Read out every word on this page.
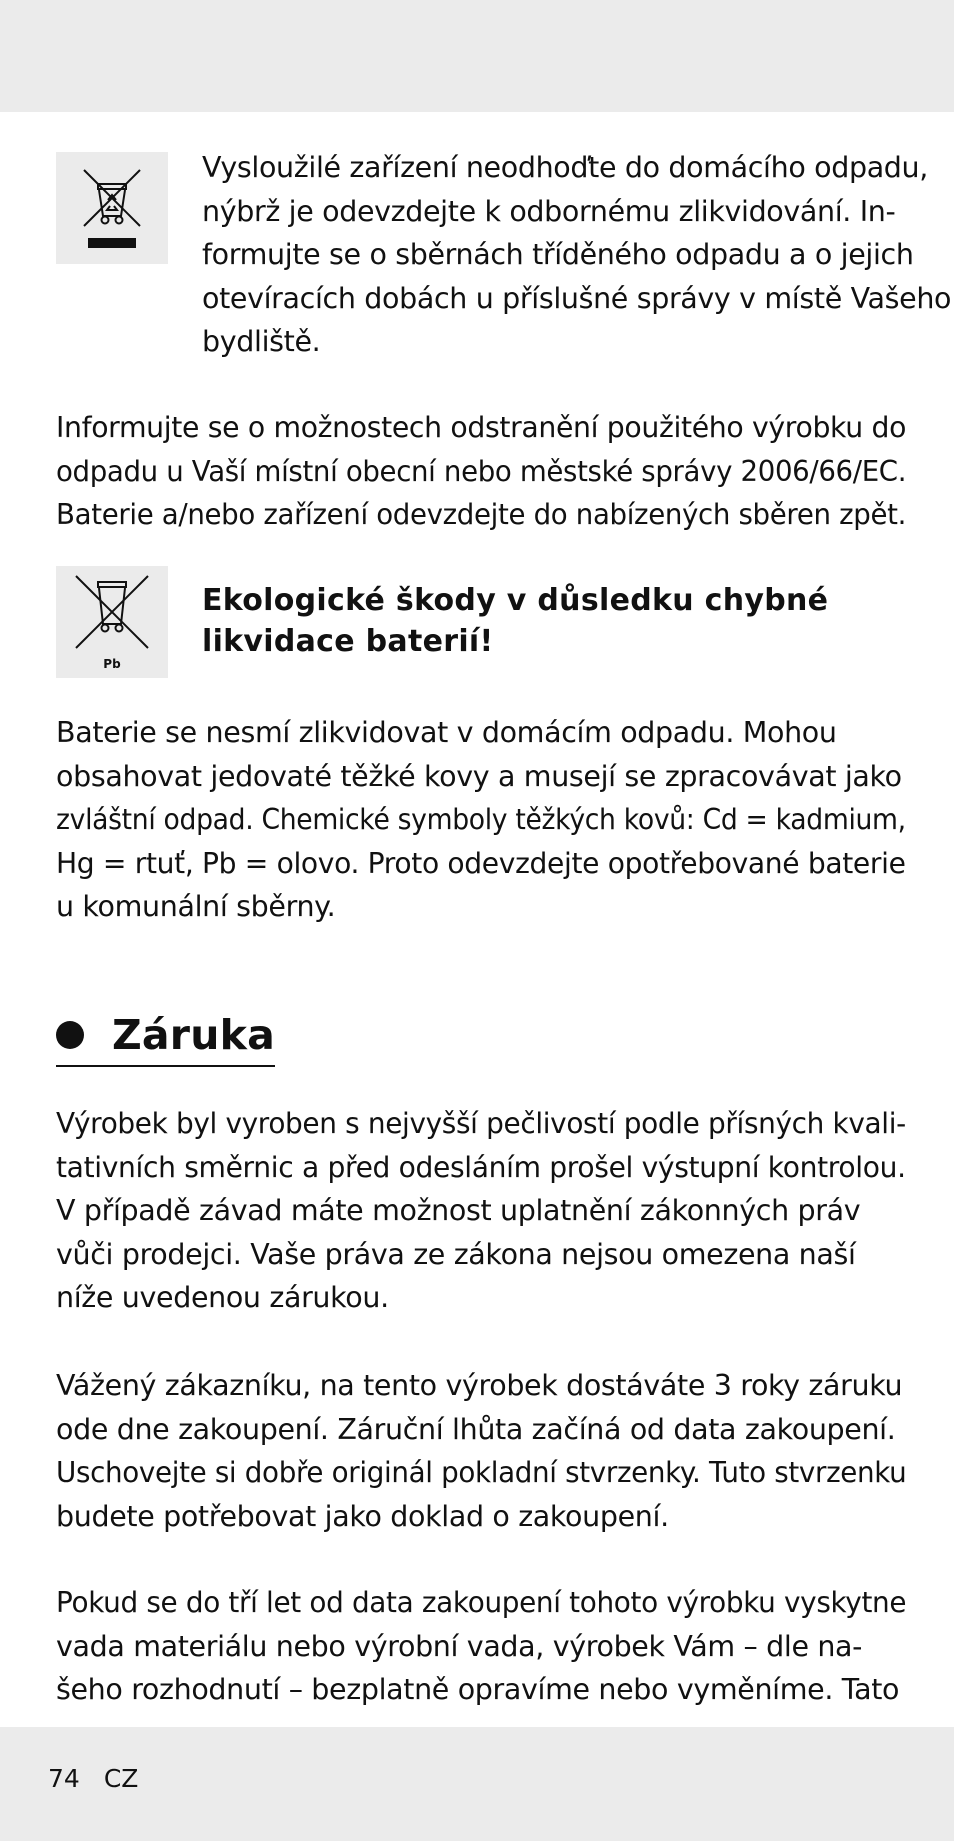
Vysloužilé zařízení neodhoďte do domácího odpadu,
nýbrž je odevzdejte k odbornému zlikvidování. In-
formujte se o sběrnách tříděného odpadu a o jejich
otevíracích dobách u příslušné správy v místě Vašeho
bydliště.

Informujte se o možnostech odstranění použitého výrobku do
odpadu u Vaší místní obecní nebo městské správy 2006/66/EC.
Baterie a/nebo zařízení odevzdejte do nabízených sběren zpět.

Pb
Ekologické škody v důsledku chybné
likvidace baterií!

Baterie se nesmí zlikvidovat v domácím odpadu. Mohou
obsahovat jedovaté těžké kovy a musejí se zpracovávat jako
zvláštní odpad. Chemické symboly těžkých kovů: Cd = kadmium,
Hg = rtuť, Pb = olovo. Proto odevzdejte opotřebované baterie
u komunální sběrny.

Záruka

Výrobek byl vyroben s nejvyšší pečlivostí podle přísných kvali-
tativních směrnic a před odesláním prošel výstupní kontrolou.
V případě závad máte možnost uplatnění zákonných práv
vůči prodejci. Vaše práva ze zákona nejsou omezena naší
níže uvedenou zárukou.

Vážený zákazníku, na tento výrobek dostáváte 3 roky záruku
ode dne zakoupení. Záruční lhůta začíná od data zakoupení.
Uschovejte si dobře originál pokladní stvrzenky. Tuto stvrzenku
budete potřebovat jako doklad o zakoupení.

Pokud se do tří let od data zakoupení tohoto výrobku vyskytne
vada materiálu nebo výrobní vada, výrobek Vám – dle na-
šeho rozhodnutí – bezplatně opravíme nebo vyměníme. Tato

74 CZ
